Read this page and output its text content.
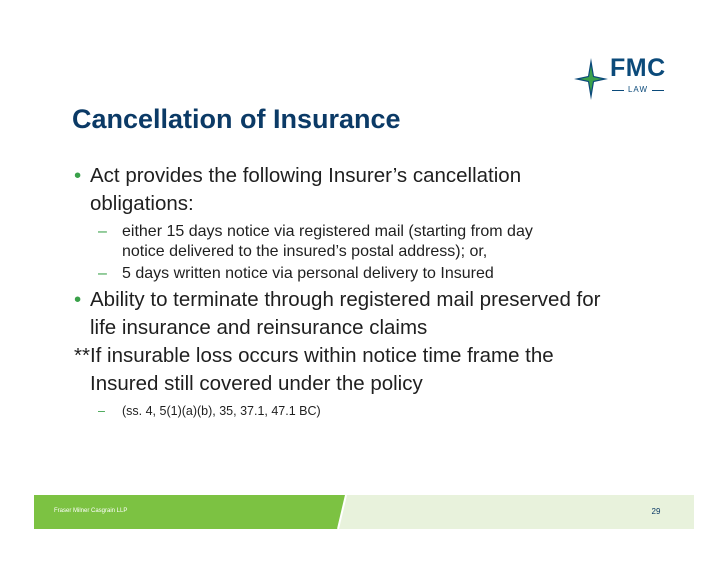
FMC
LAW
Cancellation of Insurance
• Act provides the following Insurer’s cancellation
obligations:
– either 15 days notice via registered mail (starting from day
notice delivered to the insured’s postal address); or,
– 5 days written notice via personal delivery to Insured
• Ability to terminate through registered mail preserved for
life insurance and reinsurance claims
**If insurable loss occurs within notice time frame the
Insured still covered under the policy
– (ss. 4, 5(1)(a)(b), 35, 37.1, 47.1 BC)
Fraser Milner Casgrain LLP	29
